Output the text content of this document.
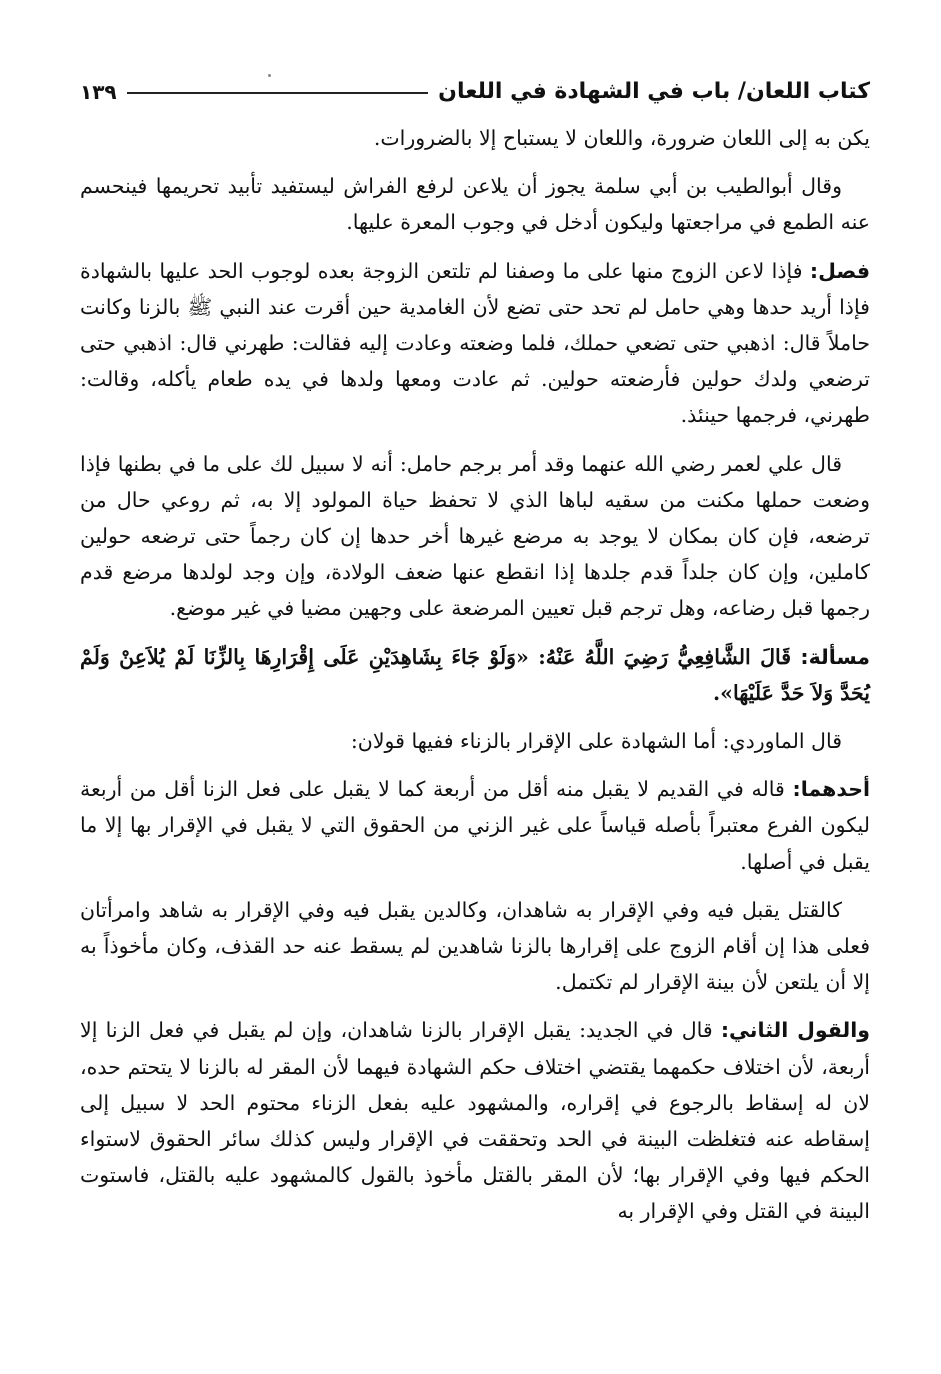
كتاب اللعان/ باب في الشهادة في اللعان
١٣٩

يكن به إلى اللعان ضرورة، واللعان لا يستباح إلا بالضرورات.

وقال أبوالطيب بن أبي سلمة يجوز أن يلاعن لرفع الفراش ليستفيد تأبيد تحريمها فينحسم عنه الطمع في مراجعتها وليكون أدخل في وجوب المعرة عليها.

فصل: فإذا لاعن الزوج منها على ما وصفنا لم تلتعن الزوجة بعده لوجوب الحد عليها بالشهادة فإذا أريد حدها وهي حامل لم تحد حتى تضع لأن الغامدية حين أقرت عند النبي ﷺ بالزنا وكانت حاملاً قال: اذهبي حتى تضعي حملك، فلما وضعته وعادت إليه فقالت: طهرني قال: اذهبي حتى ترضعي ولدك حولين فأرضعته حولين. ثم عادت ومعها ولدها في يده طعام يأكله، وقالت: طهرني، فرجمها حينئذ.

قال علي لعمر رضي الله عنهما وقد أمر برجم حامل: أنه لا سبيل لك على ما في بطنها فإذا وضعت حملها مكنت من سقيه لباها الذي لا تحفظ حياة المولود إلا به، ثم روعي حال من ترضعه، فإن كان بمكان لا يوجد به مرضع غيرها أخر حدها إن كان رجماً حتى ترضعه حولين كاملين، وإن كان جلداً قدم جلدها إذا انقطع عنها ضعف الولادة، وإن وجد لولدها مرضع قدم رجمها قبل رضاعه، وهل ترجم قبل تعيين المرضعة على وجهين مضيا في غير موضع.

مسألة: قَالَ الشَّافِعِيُّ رَضِيَ اللَّهُ عَنْهُ: «وَلَوْ جَاءَ بِشَاهِدَيْنِ عَلَى إِقْرَارِهَا بِالزِّنَا لَمْ يُلاَعِنْ وَلَمْ يُحَدَّ وَلاَ حَدَّ عَلَيْهَا».

قال الماوردي: أما الشهادة على الإقرار بالزناء ففيها قولان:

أحدهما: قاله في القديم لا يقبل منه أقل من أربعة كما لا يقبل على فعل الزنا أقل من أربعة ليكون الفرع معتبراً بأصله قياساً على غير الزني من الحقوق التي لا يقبل في الإقرار بها إلا ما يقبل في أصلها.

كالقتل يقبل فيه وفي الإقرار به شاهدان، وكالدين يقبل فيه وفي الإقرار به شاهد وامرأتان فعلى هذا إن أقام الزوج على إقرارها بالزنا شاهدين لم يسقط عنه حد القذف، وكان مأخوذاً به إلا أن يلتعن لأن بينة الإقرار لم تكتمل.

والقول الثاني: قال في الجديد: يقبل الإقرار بالزنا شاهدان، وإن لم يقبل في فعل الزنا إلا أربعة، لأن اختلاف حكمهما يقتضي اختلاف حكم الشهادة فيهما لأن المقر له بالزنا لا يتحتم حده، لان له إسقاط بالرجوع في إقراره، والمشهود عليه بفعل الزناء محتوم الحد لا سبيل إلى إسقاطه عنه فتغلظت البينة في الحد وتحققت في الإقرار وليس كذلك سائر الحقوق لاستواء الحكم فيها وفي الإقرار بها؛ لأن المقر بالقتل مأخوذ بالقول كالمشهود عليه بالقتل، فاستوت البينة في القتل وفي الإقرار به
